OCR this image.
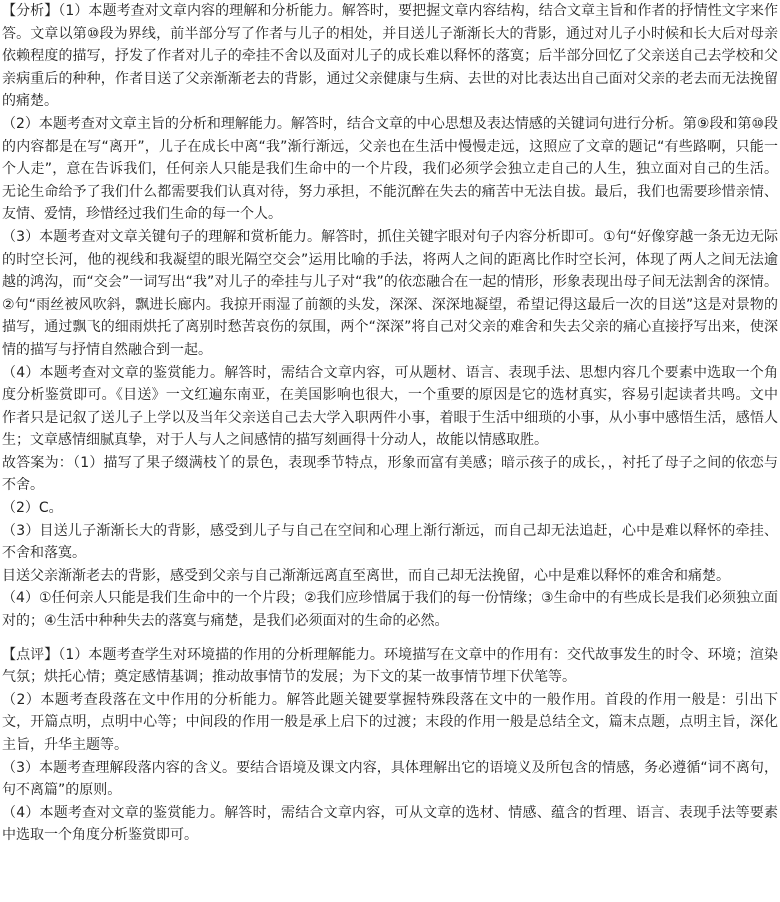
【分析】（1）本题考查对文章内容的理解和分析能力。解答时，要把握文章内容结构，结合文章主旨和作者的抒情性文字来作答。文章以第⑩段为界线，前半部分写了作者与儿子的相处，并目送儿子渐渐长大的背影，通过对儿子小时候和长大后对母亲依赖程度的描写，抒发了作者对儿子的牵挂不舍以及面对儿子的成长难以释怀的落寞；后半部分回忆了父亲送自己去学校和父亲病重后的种种，作者目送了父亲渐渐老去的背影，通过父亲健康与生病、去世的对比表达出自己面对父亲的老去而无法挽留的痛楚。

（2）本题考查对文章主旨的分析和理解能力。解答时，结合文章的中心思想及表达情感的关键词句进行分析。第⑨段和第⑩段的内容都是在写“离开”，儿子在成长中离“我”渐行渐远，父亲也在生活中慢慢走远，这照应了文章的题记“有些路啊，只能一个人走”，意在告诉我们，任何亲人只能是我们生命中的一个片段，我们必须学会独立走自己的人生，独立面对自己的生活。无论生命给予了我们什么都需要我们认真对待，努力承担，不能沉醉在失去的痛苦中无法自拔。最后，我们也需要珍惜亲情、友情、爱情，珍惜经过我们生命的每一个人。

（3）本题考查对文章关键句子的理解和赏析能力。解答时，抓住关键字眼对句子内容分析即可。①句“好像穿越一条无边无际的时空长河，他的视线和我凝望的眼光隔空交会”运用比喻的手法，将两人之间的距离比作时空长河，体现了两人之间无法逾越的鸿沟，而“交会”一词写出“我”对儿子的牵挂与儿子对“我”的依恋融合在一起的情形，形象表现出母子间无法割舍的深情。②句“雨丝被风吹斜，飘进长廊内。我掠开雨湿了前额的头发，深深、深深地凝望，希望记得这最后一次的目送”这是对景物的描写，通过飘飞的细雨烘托了离别时愁苦哀伤的氛围，两个“深深”将自己对父亲的难舍和失去父亲的痛心直接抒写出来，使深情的描写与抒情自然融合到一起。

（4）本题考查对文章的鉴赏能力。解答时，需结合文章内容，可从题材、语言、表现手法、思想内容几个要素中选取一个角度分析鉴赏即可。《目送》一文红遍东南亚，在美国影响也很大，一个重要的原因是它的选材真实，容易引起读者共鸣。文中作者只是记叙了送儿子上学以及当年父亲送自己去大学入职两件小事，着眼于生活中细琐的小事，从小事中感悟生活，感悟人生；文章感情细腻真挚，对于人与人之间感情的描写刻画得十分动人，故能以情感取胜。

故答案为：（1）描写了果子缀满枝丫的景色，表现季节特点，形象而富有美感；暗示孩子的成长，，衬托了母子之间的依恋与不舍。

（2）C。

（3）目送儿子渐渐长大的背影，感受到儿子与自己在空间和心理上渐行渐远，而自己却无法追赶，心中是难以释怀的牵挂、不舍和落寞。

目送父亲渐渐老去的背影，感受到父亲与自己渐渐远离直至离世，而自己却无法挽留，心中是难以释怀的难舍和痛楚。

（4）①任何亲人只能是我们生命中的一个片段；②我们应珍惜属于我们的每一份情缘；③生命中的有些成长是我们必须独立面对的；④生活中种种失去的落寞与痛楚，是我们必须面对的生命的必然。

【点评】（1）本题考查学生对环境描的作用的分析理解能力。环境描写在文章中的作用有：交代故事发生的时令、环境；渲染气氛；烘托心情；奠定感情基调；推动故事情节的发展；为下文的某一故事情节埋下伏笔等。

（2）本题考查段落在文中作用的分析能力。解答此题关键要掌握特殊段落在文中的一般作用。首段的作用一般是：引出下文，开篇点明，点明中心等；中间段的作用一般是承上启下的过渡；末段的作用一般是总结全文，篇末点题，点明主旨，深化主旨，升华主题等。

（3）本题考查理解段落内容的含义。要结合语境及课文内容，具体理解出它的语境义及所包含的情感，务必遵循“词不离句，句不离篇”的原则。

（4）本题考查对文章的鉴赏能力。解答时，需结合文章内容，可从文章的选材、情感、蕴含的哲理、语言、表现手法等要素中选取一个角度分析鉴赏即可。
